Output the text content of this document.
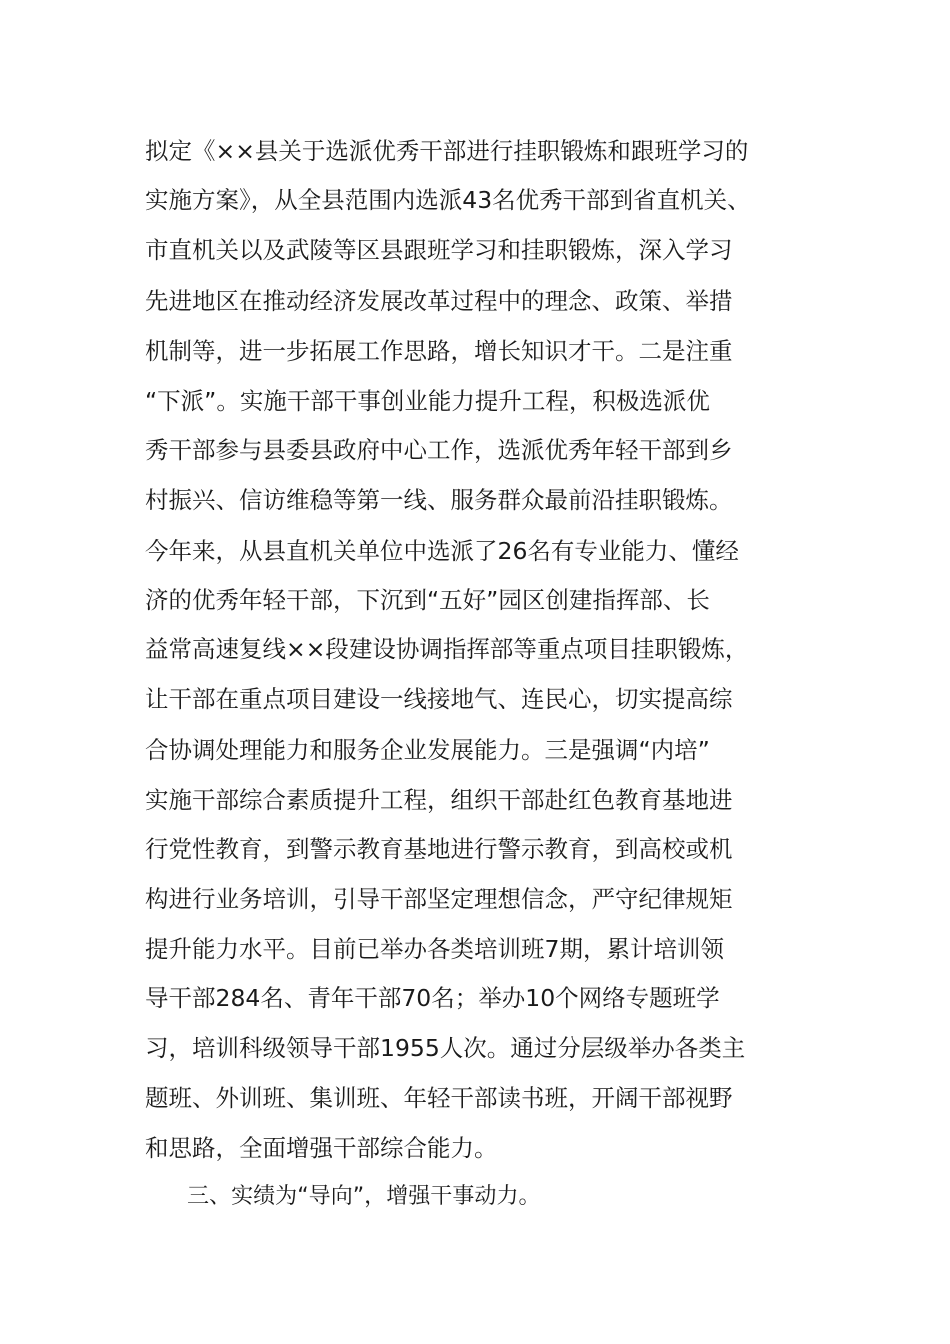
拟定《××县关于选派优秀干部进行挂职锻炼和跟班学习的
实施方案》，从全县范围内选派43名优秀干部到省直机关、
市直机关以及武陵等区县跟班学习和挂职锻炼，深入学习
先进地区在推动经济发展改革过程中的理念、政策、举措
机制等，进一步拓展工作思路，增长知识才干。二是注重
“下派”。实施干部干事创业能力提升工程，积极选派优
秀干部参与县委县政府中心工作，选派优秀年轻干部到乡
村振兴、信访维稳等第一线、服务群众最前沿挂职锻炼。
今年来，从县直机关单位中选派了26名有专业能力、懂经
济的优秀年轻干部，下沉到“五好”园区创建指挥部、长
益常高速复线××段建设协调指挥部等重点项目挂职锻炼，
让干部在重点项目建设一线接地气、连民心，切实提高综
合协调处理能力和服务企业发展能力。三是强调“内培”
实施干部综合素质提升工程，组织干部赴红色教育基地进
行党性教育，到警示教育基地进行警示教育，到高校或机
构进行业务培训，引导干部坚定理想信念，严守纪律规矩
提升能力水平。目前已举办各类培训班7期，累计培训领
导干部284名、青年干部70名；举办10个网络专题班学
习，培训科级领导干部1955人次。通过分层级举办各类主
题班、外训班、集训班、年轻干部读书班，开阔干部视野
和思路，全面增强干部综合能力。
三、实绩为“导向”，增强干事动力。
